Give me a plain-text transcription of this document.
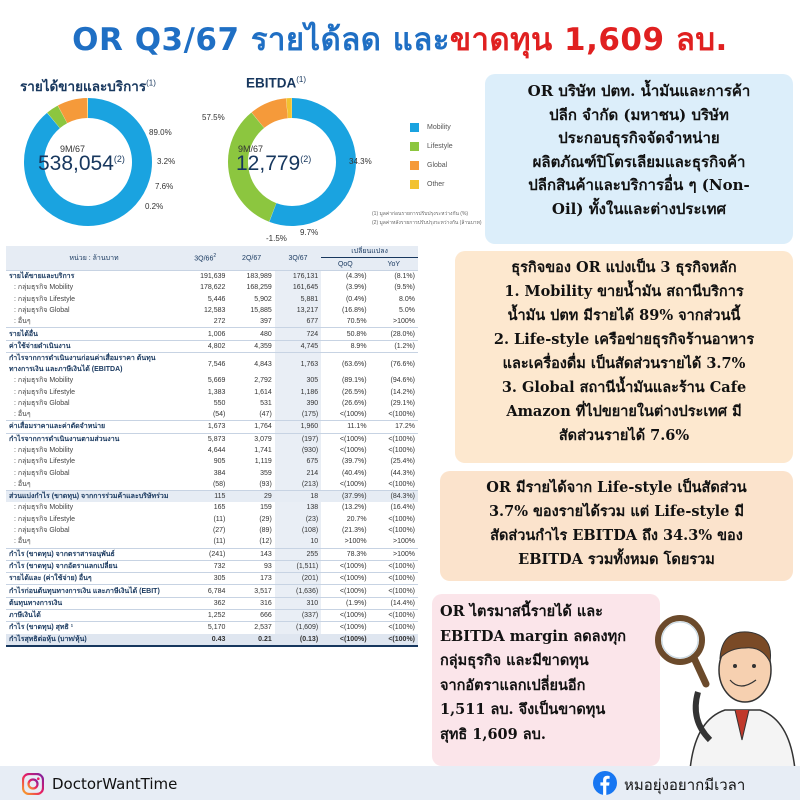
OR Q3/67 รายได้ลด และขาดทุน 1,609 ลบ.
รายได้ขายและบริการ$^{(1)}$
9M/67
538,054$^{(2)}$
89.0%
3.2%
7.6%
0.2%
EBITDA$^{(1)}$
57.5%
34.3%
9.7%
-1.5%
9M/67
12,779$^{(2)}$
Mobility
Lifestyle
Global
Other
(1) มูลค่าก่อนรายการปรับปรุงระหว่างกัน (%)
(2) มูลค่าหลังรายการปรับปรุงระหว่างกัน (ล้านบาท)
หน่วย : ล้านบาท	$3Q/66^2$	2Q/67	3Q/67	เปลี่ยนแปลง	
				QoQ	YoY
รายได้ขายและบริการ	191,639	183,989	176,131	(4.3%)	(8.1%)
: กลุ่มธุรกิจ Mobility	178,622	168,259	161,645	(3.9%)	(9.5%)
: กลุ่มธุรกิจ Lifestyle	5,446	5,902	5,881	(0.4%)	8.0%
: กลุ่มธุรกิจ Global	12,583	15,885	13,217	(16.8%)	5.0%
: อื่นๆ	272	397	677	70.5%	>100%
รายได้อื่น	1,006	480	724	50.8%	(28.0%)
ค่าใช้จ่ายดำเนินงาน	4,802	4,359	4,745	8.9%	(1.2%)
กำไรจากการดำเนินงานก่อนค่าเสื่อมราคา ต้นทุนทางการเงิน และภาษีเงินได้ (EBITDA)	7,546	4,843	1,763	(63.6%)	(76.6%)
: กลุ่มธุรกิจ Mobility	5,669	2,792	305	(89.1%)	(94.6%)
: กลุ่มธุรกิจ Lifestyle	1,383	1,614	1,186	(26.5%)	(14.2%)
: กลุ่มธุรกิจ Global	550	531	390	(26.6%)	(29.1%)
: อื่นๆ	(54)	(47)	(175)	<(100%)	<(100%)
ค่าเสื่อมราคาและค่าตัดจำหน่าย	1,673	1,764	1,960	11.1%	17.2%
กำไรจากการดำเนินงานตามส่วนงาน	5,873	3,079	(197)	<(100%)	<(100%)
: กลุ่มธุรกิจ Mobility	4,644	1,741	(930)	<(100%)	<(100%)
: กลุ่มธุรกิจ Lifestyle	905	1,119	675	(39.7%)	(25.4%)
: กลุ่มธุรกิจ Global	384	359	214	(40.4%)	(44.3%)
: อื่นๆ	(58)	(93)	(213)	<(100%)	<(100%)
ส่วนแบ่งกำไร (ขาดทุน) จากการร่วมค้าและบริษัทร่วม	115	29	18	(37.9%)	(84.3%)
: กลุ่มธุรกิจ Mobility	165	159	138	(13.2%)	(16.4%)
: กลุ่มธุรกิจ Lifestyle	(11)	(29)	(23)	20.7%	<(100%)
: กลุ่มธุรกิจ Global	(27)	(89)	(108)	(21.3%)	<(100%)
: อื่นๆ	(11)	(12)	10	>100%	>100%
กำไร (ขาดทุน) จากตราสารอนุพันธ์	(241)	143	255	78.3%	>100%
กำไร (ขาดทุน) จากอัตราแลกเปลี่ยน	732	93	(1,511)	<(100%)	<(100%)
รายได้และ (ค่าใช้จ่าย) อื่นๆ	305	173	(201)	<(100%)	<(100%)
กำไรก่อนต้นทุนทางการเงิน และภาษีเงินได้ (EBIT)	6,784	3,517	(1,636)	<(100%)	<(100%)
ต้นทุนทางการเงิน	362	316	310	(1.9%)	(14.4%)
ภาษีเงินได้	1,252	666	(337)	<(100%)	<(100%)
กำไร (ขาดทุน) สุทธิ ¹	5,170	2,537	(1,609)	<(100%)	<(100%)
กำไรสุทธิต่อหุ้น (บาท/หุ้น)	0.43	0.21	(0.13)	<(100%)	<(100%)
OR บริษัท ปตท. น้ำมันและการค้า
ปลีก จำกัด (มหาชน) บริษัท
ประกอบธุรกิจจัดจำหน่าย
ผลิตภัณฑ์ปิโตรเลียมและธุรกิจค้า
ปลีกสินค้าและบริการอื่น ๆ (Non-
Oil) ทั้งในและต่างประเทศ
ธุรกิจของ OR แบ่งเป็น 3 ธุรกิจหลัก
1. Mobility ขายน้ำมัน สถานีบริการ
น้ำมัน ปตท มีรายได้ 89% จากส่วนนี้
2. Life-style เครือข่ายธุรกิจร้านอาหาร
และเครื่องดื่ม เป็นสัดส่วนรายได้ 3.7%
3. Global สถานีน้ำมันและร้าน Cafe
Amazon ที่ไปขยายในต่างประเทศ มี
สัดส่วนรายได้ 7.6%
OR มีรายได้จาก Life-style เป็นสัดส่วน
3.7% ของรายได้รวม แต่ Life-style มี
สัดส่วนกำไร EBITDA ถึง 34.3% ของ
EBITDA รวมทั้งหมด โดยรวม
OR ไตรมาสนี้รายได้ และ
EBITDA margin ลดลงทุก
กลุ่มธุรกิจ และมีขาดทุน
จากอัตราแลกเปลี่ยนอีก
1,511 ลบ. จึงเป็นขาดทุน
สุทธิ 1,609 ลบ.
DoctorWantTime	หมอยุ่งอยากมีเวลา
